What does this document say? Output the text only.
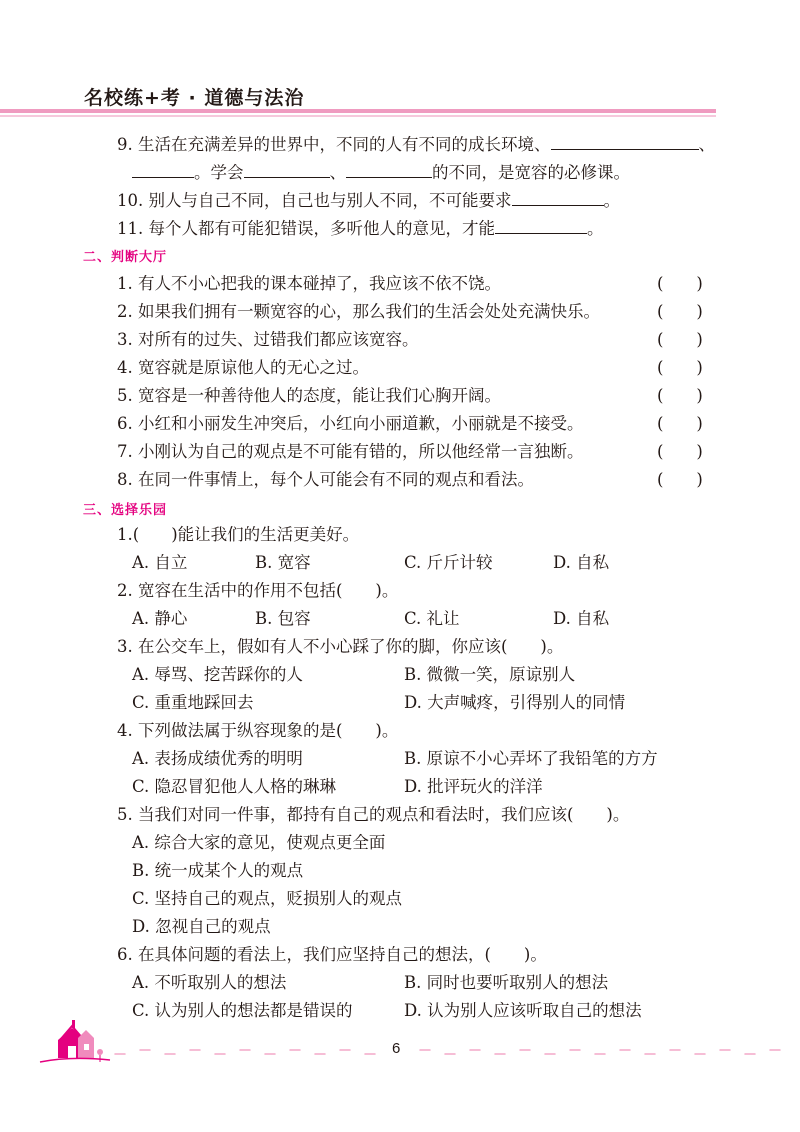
名校练+考 · 道德与法治
9. 生活在充满差异的世界中，不同的人有不同的成长环境、	、
。学会	、	的不同，是宽容的必修课。
10. 别人与自己不同，自己也与别人不同，不可能要求	。
11. 每个人都有可能犯错误，多听他人的意见，才能	。
二、判断大厅
1. 有人不小心把我的课本碰掉了，我应该不依不饶。	(　　)
2. 如果我们拥有一颗宽容的心，那么我们的生活会处处充满快乐。	(　　)
3. 对所有的过失、过错我们都应该宽容。	(　　)
4. 宽容就是原谅他人的无心之过。	(　　)
5. 宽容是一种善待他人的态度，能让我们心胸开阔。	(　　)
6. 小红和小丽发生冲突后，小红向小丽道歉，小丽就是不接受。	(　　)
7. 小刚认为自己的观点是不可能有错的，所以他经常一言独断。	(　　)
8. 在同一件事情上，每个人可能会有不同的观点和看法。	(　　)
三、选择乐园
1.( )能让我们的生活更美好。
A. 自立	B. 宽容	C. 斤斤计较	D. 自私
2. 宽容在生活中的作用不包括(　　)。
A. 静心	B. 包容	C. 礼让	D. 自私
3. 在公交车上，假如有人不小心踩了你的脚，你应该(　　)。
A. 辱骂、挖苦踩你的人	B. 微微一笑，原谅别人
C. 重重地踩回去	D. 大声喊疼，引得别人的同情
4. 下列做法属于纵容现象的是(　　)。
A. 表扬成绩优秀的明明	B. 原谅不小心弄坏了我铅笔的方方
C. 隐忍冒犯他人人格的琳琳	D. 批评玩火的洋洋
5. 当我们对同一件事，都持有自己的观点和看法时，我们应该(　　)。
A. 综合大家的意见，使观点更全面
B. 统一成某个人的观点
C. 坚持自己的观点，贬损别人的观点
D. 忽视自己的观点
6. 在具体问题的看法上，我们应坚持自己的想法，(　　)。
A. 不听取别人的想法	B. 同时也要听取别人的想法
C. 认为别人的想法都是错误的	D. 认为别人应该听取自己的想法
6
